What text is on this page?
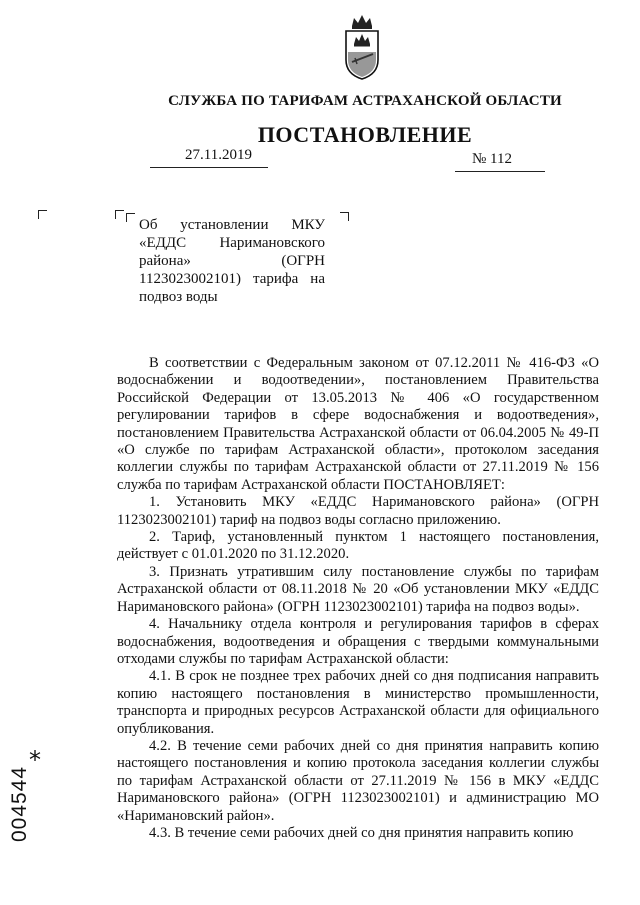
СЛУЖБА ПО ТАРИФАМ АСТРАХАНСКОЙ ОБЛАСТИ
ПОСТАНОВЛЕНИЕ
27.11.2019	№ 112
Об установлении МКУ «ЕДДС Наримановского района» (ОГРН 1123023002101) тарифа на подвоз воды

В соответствии с Федеральным законом от 07.12.2011 № 416-ФЗ «О водоснабжении и водоотведении», постановлением Правительства Российской Федерации от 13.05.2013 № 406 «О государственном регулировании тарифов в сфере водоснабжения и водоотведения», постановлением Правительства Астраханской области от 06.04.2005 № 49-П «О службе по тарифам Астраханской области», протоколом заседания коллегии службы по тарифам Астраханской области от 27.11.2019 № 156 служба по тарифам Астраханской области ПОСТАНОВЛЯЕТ:

1. Установить МКУ «ЕДДС Наримановского района» (ОГРН 1123023002101) тариф на подвоз воды согласно приложению.

2. Тариф, установленный пунктом 1 настоящего постановления, действует с 01.01.2020 по 31.12.2020.

3. Признать утратившим силу постановление службы по тарифам Астраханской области от 08.11.2018 № 20 «Об установлении МКУ «ЕДДС Наримановского района» (ОГРН 1123023002101) тарифа на подвоз воды».

4. Начальнику отдела контроля и регулирования тарифов в сферах водоснабжения, водоотведения и обращения с твердыми коммунальными отходами службы по тарифам Астраханской области:

4.1. В срок не позднее трех рабочих дней со дня подписания направить копию настоящего постановления в министерство промышленности, транспорта и природных ресурсов Астраханской области для официального опубликования.

4.2. В течение семи рабочих дней со дня принятия направить копию настоящего постановления и копию протокола заседания коллегии службы по тарифам Астраханской области от 27.11.2019 № 156 в МКУ «ЕДДС Наримановского района» (ОГРН 1123023002101) и администрацию МО «Наримановский район».

4.3. В течение семи рабочих дней со дня принятия направить копию

*
004544
